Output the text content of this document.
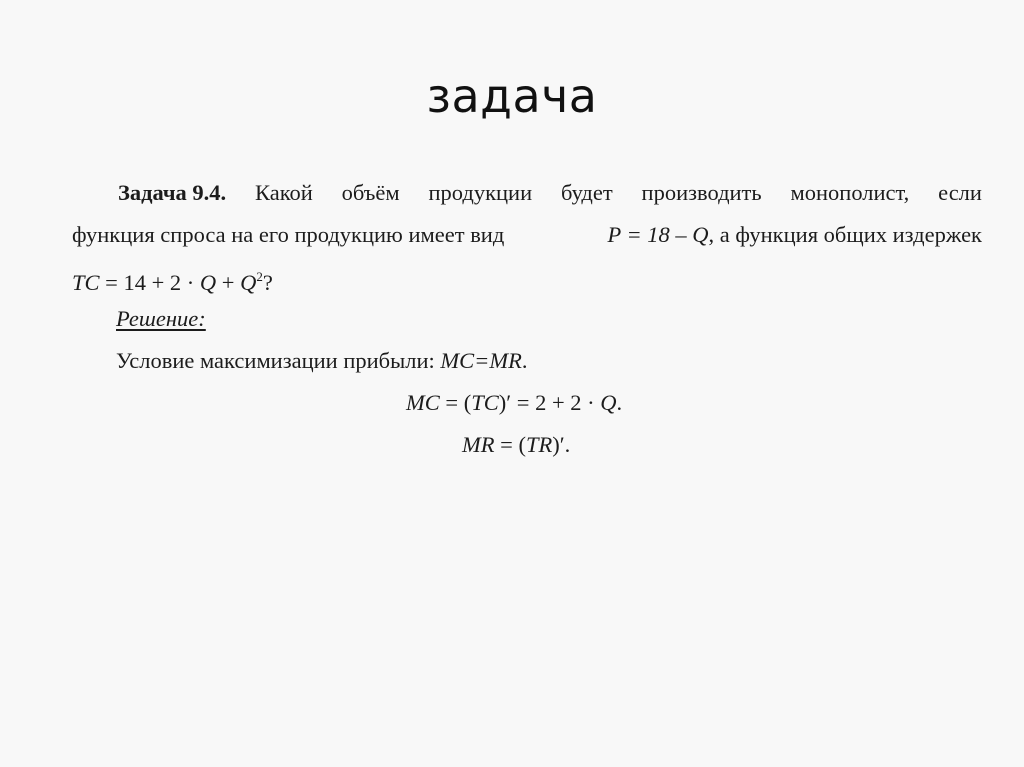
задача
Задача 9.4. Какой объём продукции будет производить монополист, если
функция спроса на его продукцию имеет вид	P = 18 – Q, а функция общих издержек
TC = $14 + 2 \cdot Q + Q^2$?
Решение:
Условие максимизации прибыли: MC=MR.
MC = (TC)′ = 2 + 2 · Q.
MR = (TR)′.
